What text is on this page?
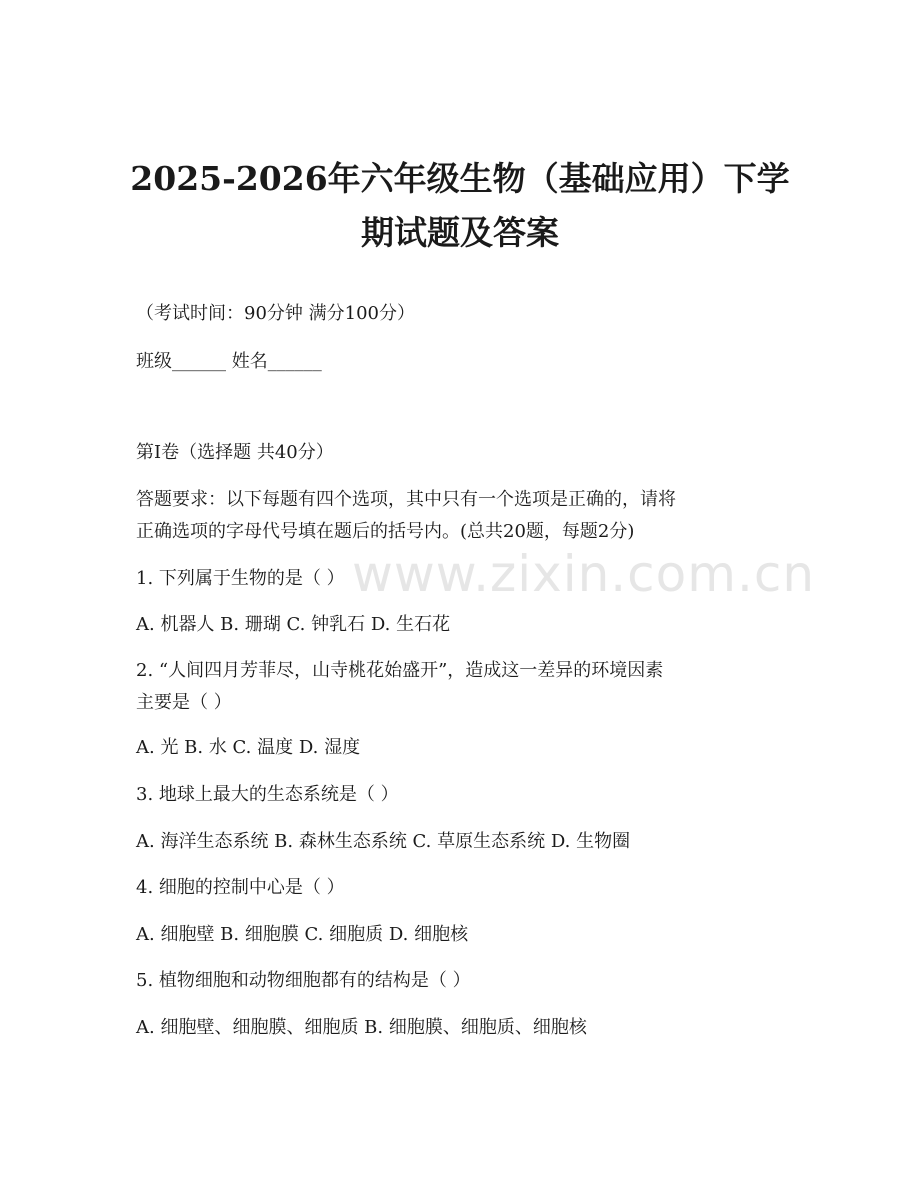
2025-2026年六年级生物（基础应用）下学
期试题及答案
（考试时间：90分钟 满分100分）
班级______ 姓名______
第I卷（选择题 共40分）
答题要求：以下每题有四个选项，其中只有一个选项是正确的，请将
正确选项的字母代号填在题后的括号内。(总共20题，每题2分)
www.zixin.com.cn
1. 下列属于生物的是（ ）
A. 机器人 B. 珊瑚 C. 钟乳石 D. 生石花
2. “人间四月芳菲尽，山寺桃花始盛开”，造成这一差异的环境因素
主要是（ ）
A. 光 B. 水 C. 温度 D. 湿度
3. 地球上最大的生态系统是（ ）
A. 海洋生态系统 B. 森林生态系统 C. 草原生态系统 D. 生物圈
4. 细胞的控制中心是（ ）
A. 细胞壁 B. 细胞膜 C. 细胞质 D. 细胞核
5. 植物细胞和动物细胞都有的结构是（ ）
A. 细胞壁、细胞膜、细胞质 B. 细胞膜、细胞质、细胞核
